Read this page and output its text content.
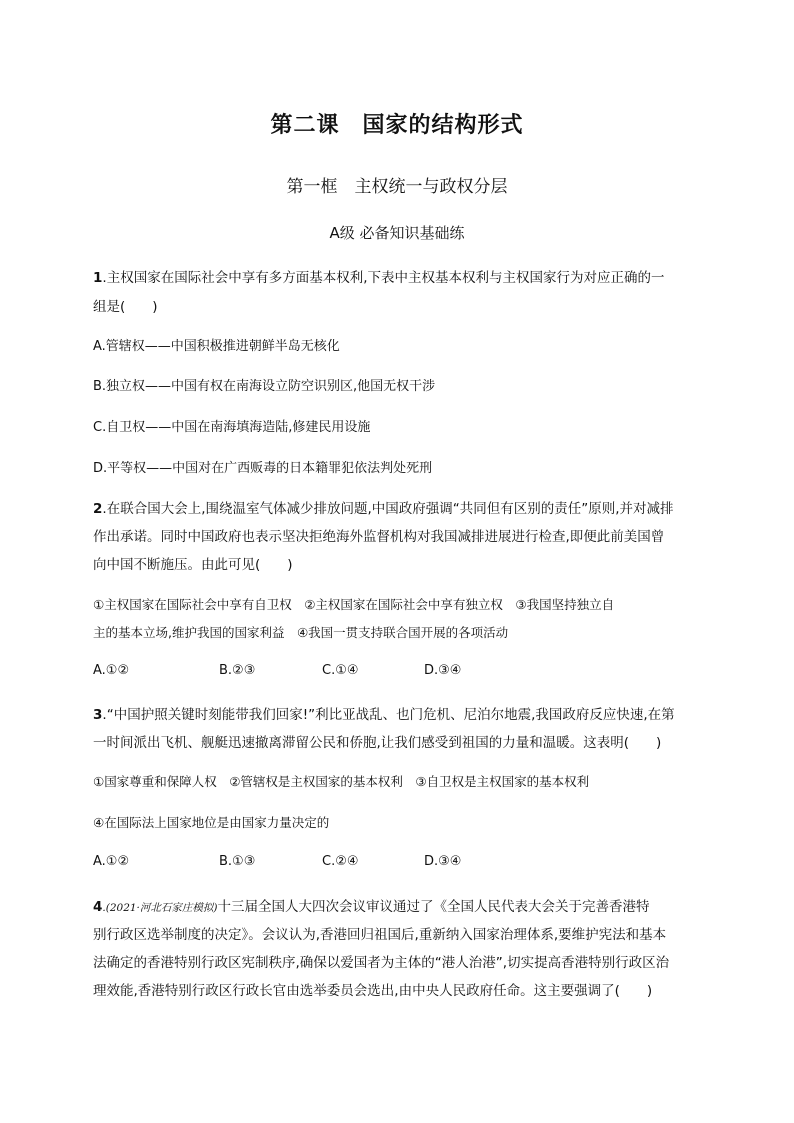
第二课　国家的结构形式
第一框　主权统一与政权分层
A级 必备知识基础练
1.主权国家在国际社会中享有多方面基本权利,下表中主权基本权利与主权国家行为对应正确的一
组是(　　)
A.管辖权——中国积极推进朝鲜半岛无核化
B.独立权——中国有权在南海设立防空识别区,他国无权干涉
C.自卫权——中国在南海填海造陆,修建民用设施
D.平等权——中国对在广西贩毒的日本籍罪犯依法判处死刑
2.在联合国大会上,围绕温室气体减少排放问题,中国政府强调“共同但有区别的责任”原则,并对减排
作出承诺。同时中国政府也表示坚决拒绝海外监督机构对我国减排进展进行检查,即便此前美国曾
向中国不断施压。由此可见(　　)
①主权国家在国际社会中享有自卫权　②主权国家在国际社会中享有独立权　③我国坚持独立自
主的基本立场,维护我国的国家利益　④我国一贯支持联合国开展的各项活动
A.①②	B.②③	C.①④	D.③④
3.“中国护照关键时刻能带我们回家!”利比亚战乱、也门危机、尼泊尔地震,我国政府反应快速,在第
一时间派出飞机、舰艇迅速撤离滞留公民和侨胞,让我们感受到祖国的力量和温暖。这表明(　　)
①国家尊重和保障人权　②管辖权是主权国家的基本权利　③自卫权是主权国家的基本权利
④在国际法上国家地位是由国家力量决定的
A.①②	B.①③	C.②④	D.③④
4.(2021·河北石家庄模拟)十三届全国人大四次会议审议通过了《全国人民代表大会关于完善香港特
别行政区选举制度的决定》。会议认为,香港回归祖国后,重新纳入国家治理体系,要维护宪法和基本
法确定的香港特别行政区宪制秩序,确保以爱国者为主体的“港人治港”,切实提高香港特别行政区治
理效能,香港特别行政区行政长官由选举委员会选出,由中央人民政府任命。这主要强调了(　　)
